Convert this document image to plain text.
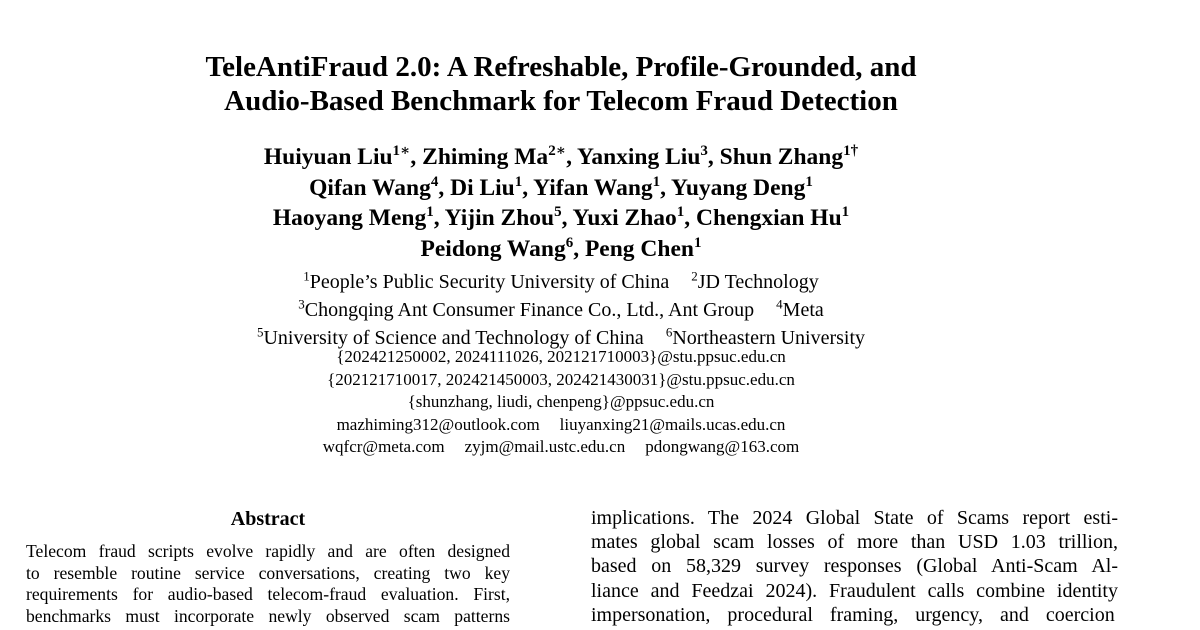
TeleAntiFraud 2.0: A Refreshable, Profile-Grounded, and
Audio-Based Benchmark for Telecom Fraud Detection
Huiyuan Liu$^{1∗}$, Zhiming $Ma^{2∗}$, Yanxing Liu$^3$, Shun Zhang$^{1\dagger}$
Qifan Wang$^4$, Di Liu$^1$, Yifan Wang$^1$, Yuyang Deng$^1$
Haoyang Meng$^1$, Yijin Zhou$^5$, Yuxi Zhao$^1$, Chengxian Hu$^1$
Peidong Wang$^6$, Peng Chen$^1$
$^1$People’s Public Security University of China $^2$JD Technology
$^3$Chongqing Ant Consumer Finance Co., Ltd., Ant Group $^4$Meta
$^5$University of Science and Technology of China $^6$Northeastern University
{202421250002, 2024111026, 202121710003}@stu.ppsuc.edu.cn
{202121710017, 202421450003, 202421430031}@stu.ppsuc.edu.cn
{shunzhang, liudi, chenpeng}@ppsuc.edu.cn
mazhiming312@outlook.com liuyanxing21@mails.ucas.edu.cn
wqfcr@meta.com zyjm@mail.ustc.edu.cn pdongwang@163.com
Abstract
Telecom fraud scripts evolve rapidly and are often designed
to resemble routine service conversations, creating two key
requirements for audio-based telecom-fraud evaluation. First,
benchmarks must incorporate newly observed scam patterns
implications. The 2024 Global State of Scams report esti-
mates global scam losses of more than USD 1.03 trillion,
based on 58,329 survey responses (Global Anti-Scam Al-
liance and Feedzai 2024). Fraudulent calls combine identity
impersonation, procedural framing, urgency, and coercion
